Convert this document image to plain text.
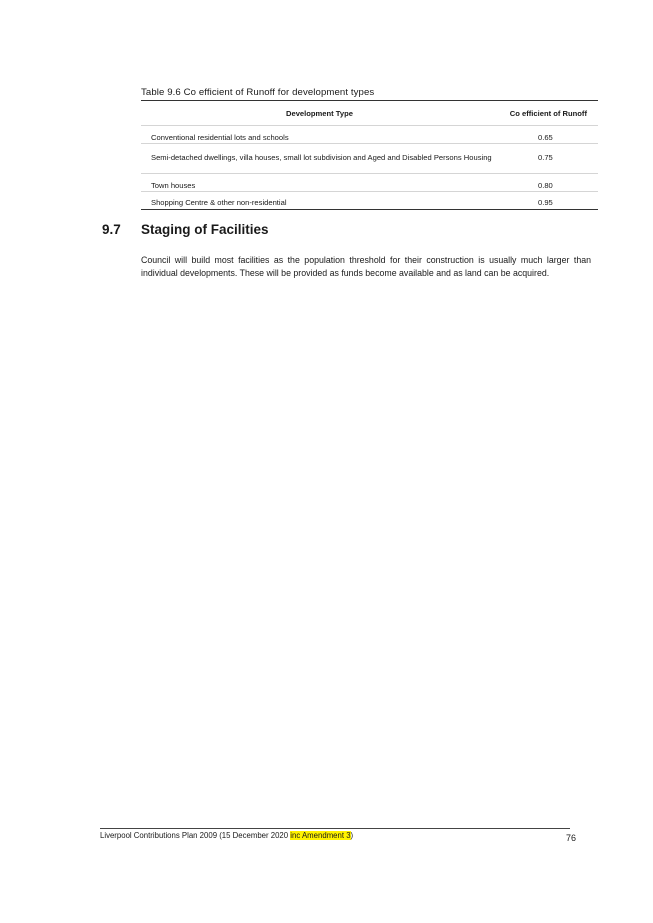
Table 9.6 Co efficient of Runoff for development types
Development Type	Co efficient of Runoff
Conventional residential lots and schools	0.65
Semi-detached dwellings, villa houses, small lot subdivision and Aged and Disabled Persons Housing	0.75
Town houses	0.80
Shopping Centre & other non-residential	0.95
9.7 Staging of Facilities
Council will build most facilities as the population threshold for their construction is usually much larger than individual developments. These will be provided as funds become available and as land can be acquired.
Liverpool Contributions Plan 2009 (15 December 2020 inc Amendment 3)	76
